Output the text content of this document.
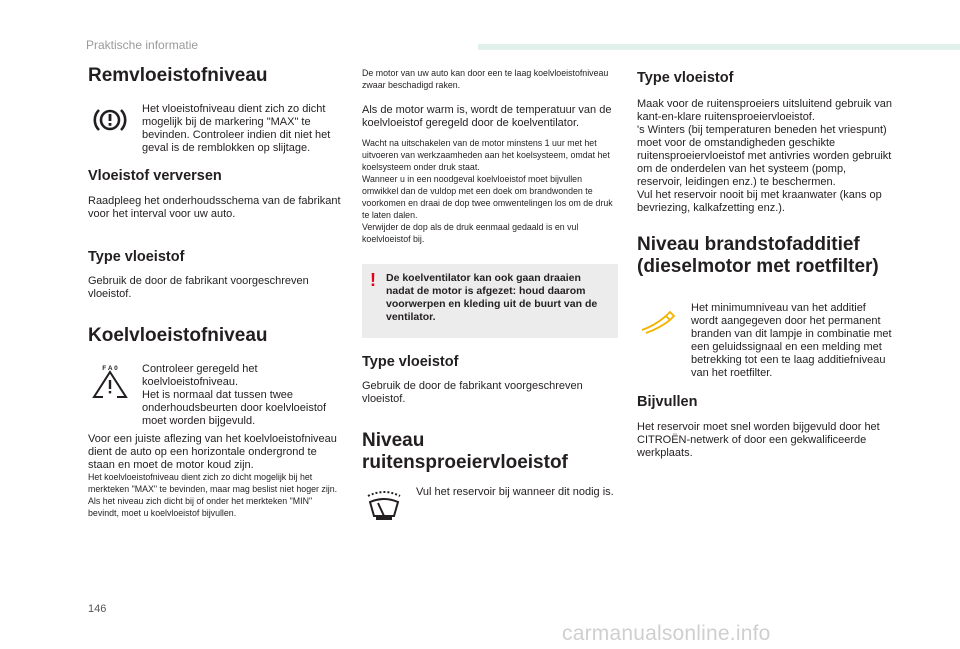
Praktische informatie
Remvloeistofniveau

Het vloeistofniveau dient zich zo dicht mogelijk bij de markering "MAX" te bevinden. Controleer indien dit niet het geval is de remblokken op slijtage.

Vloeistof verversen

Raadpleeg het onderhoudsschema van de fabrikant voor het interval voor uw auto.

Type vloeistof

Gebruik de door de fabrikant voorgeschreven vloeistof.

Koelvloeistofniveau
F A 0 Controleer geregeld het koelvloeistofniveau.

Het is normaal dat tussen twee onderhoudsbeurten door koelvloeistof moet worden bijgevuld.

Voor een juiste aflezing van het koelvloeistofniveau dient de auto op een horizontale ondergrond te staan en moet de motor koud zijn.

Het koelvloeistofniveau dient zich zo dicht mogelijk bij het merkteken "MAX" te bevinden, maar mag beslist niet hoger zijn.

Als het niveau zich dicht bij of onder het merkteken "MIN" bevindt, moet u koelvloeistof bijvullen.

De motor van uw auto kan door een te laag koelvloeistofniveau zwaar beschadigd raken.

Als de motor warm is, wordt de temperatuur van de koelvloeistof geregeld door de koelventilator.

Wacht na uitschakelen van de motor minstens 1 uur met het uitvoeren van werkzaamheden aan het koelsysteem, omdat het koelsysteem onder druk staat.

Wanneer u in een noodgeval koelvloeistof moet bijvullen omwikkel dan de vuldop met een doek om brandwonden te voorkomen en draai de dop twee omwentelingen los om de druk te laten dalen.

Verwijder de dop als de druk eenmaal gedaald is en vul koelvloeistof bij.

! De koelventilator kan ook gaan draaien nadat de motor is afgezet: houd daarom voorwerpen en kleding uit de buurt van de ventilator.

Type vloeistof

Gebruik de door de fabrikant voorgeschreven vloeistof.

Niveau
ruitensproeiervloeistof

Vul het reservoir bij wanneer dit nodig is.

Type vloeistof

Maak voor de ruitensproeiers uitsluitend gebruik van kant-en-klare ruitensproeiervloeistof.

's Winters (bij temperaturen beneden het vriespunt) moet voor de omstandigheden geschikte ruitensproeiervloeistof met antivries worden gebruikt om de onderdelen van het systeem (pomp, reservoir, leidingen enz.) te beschermen.

Vul het reservoir nooit bij met kraanwater (kans op bevriezing, kalkafzetting enz.).

Niveau brandstofadditief
(dieselmotor met roetfilter)

Het minimumniveau van het additief wordt aangegeven door het permanent branden van dit lampje in combinatie met een geluidssignaal en een melding met betrekking tot een te laag additiefniveau van het roetfilter.

Bijvullen

Het reservoir moet snel worden bijgevuld door het CITROËN-netwerk of door een gekwalificeerde werkplaats.

146
carmanualsonline.info
